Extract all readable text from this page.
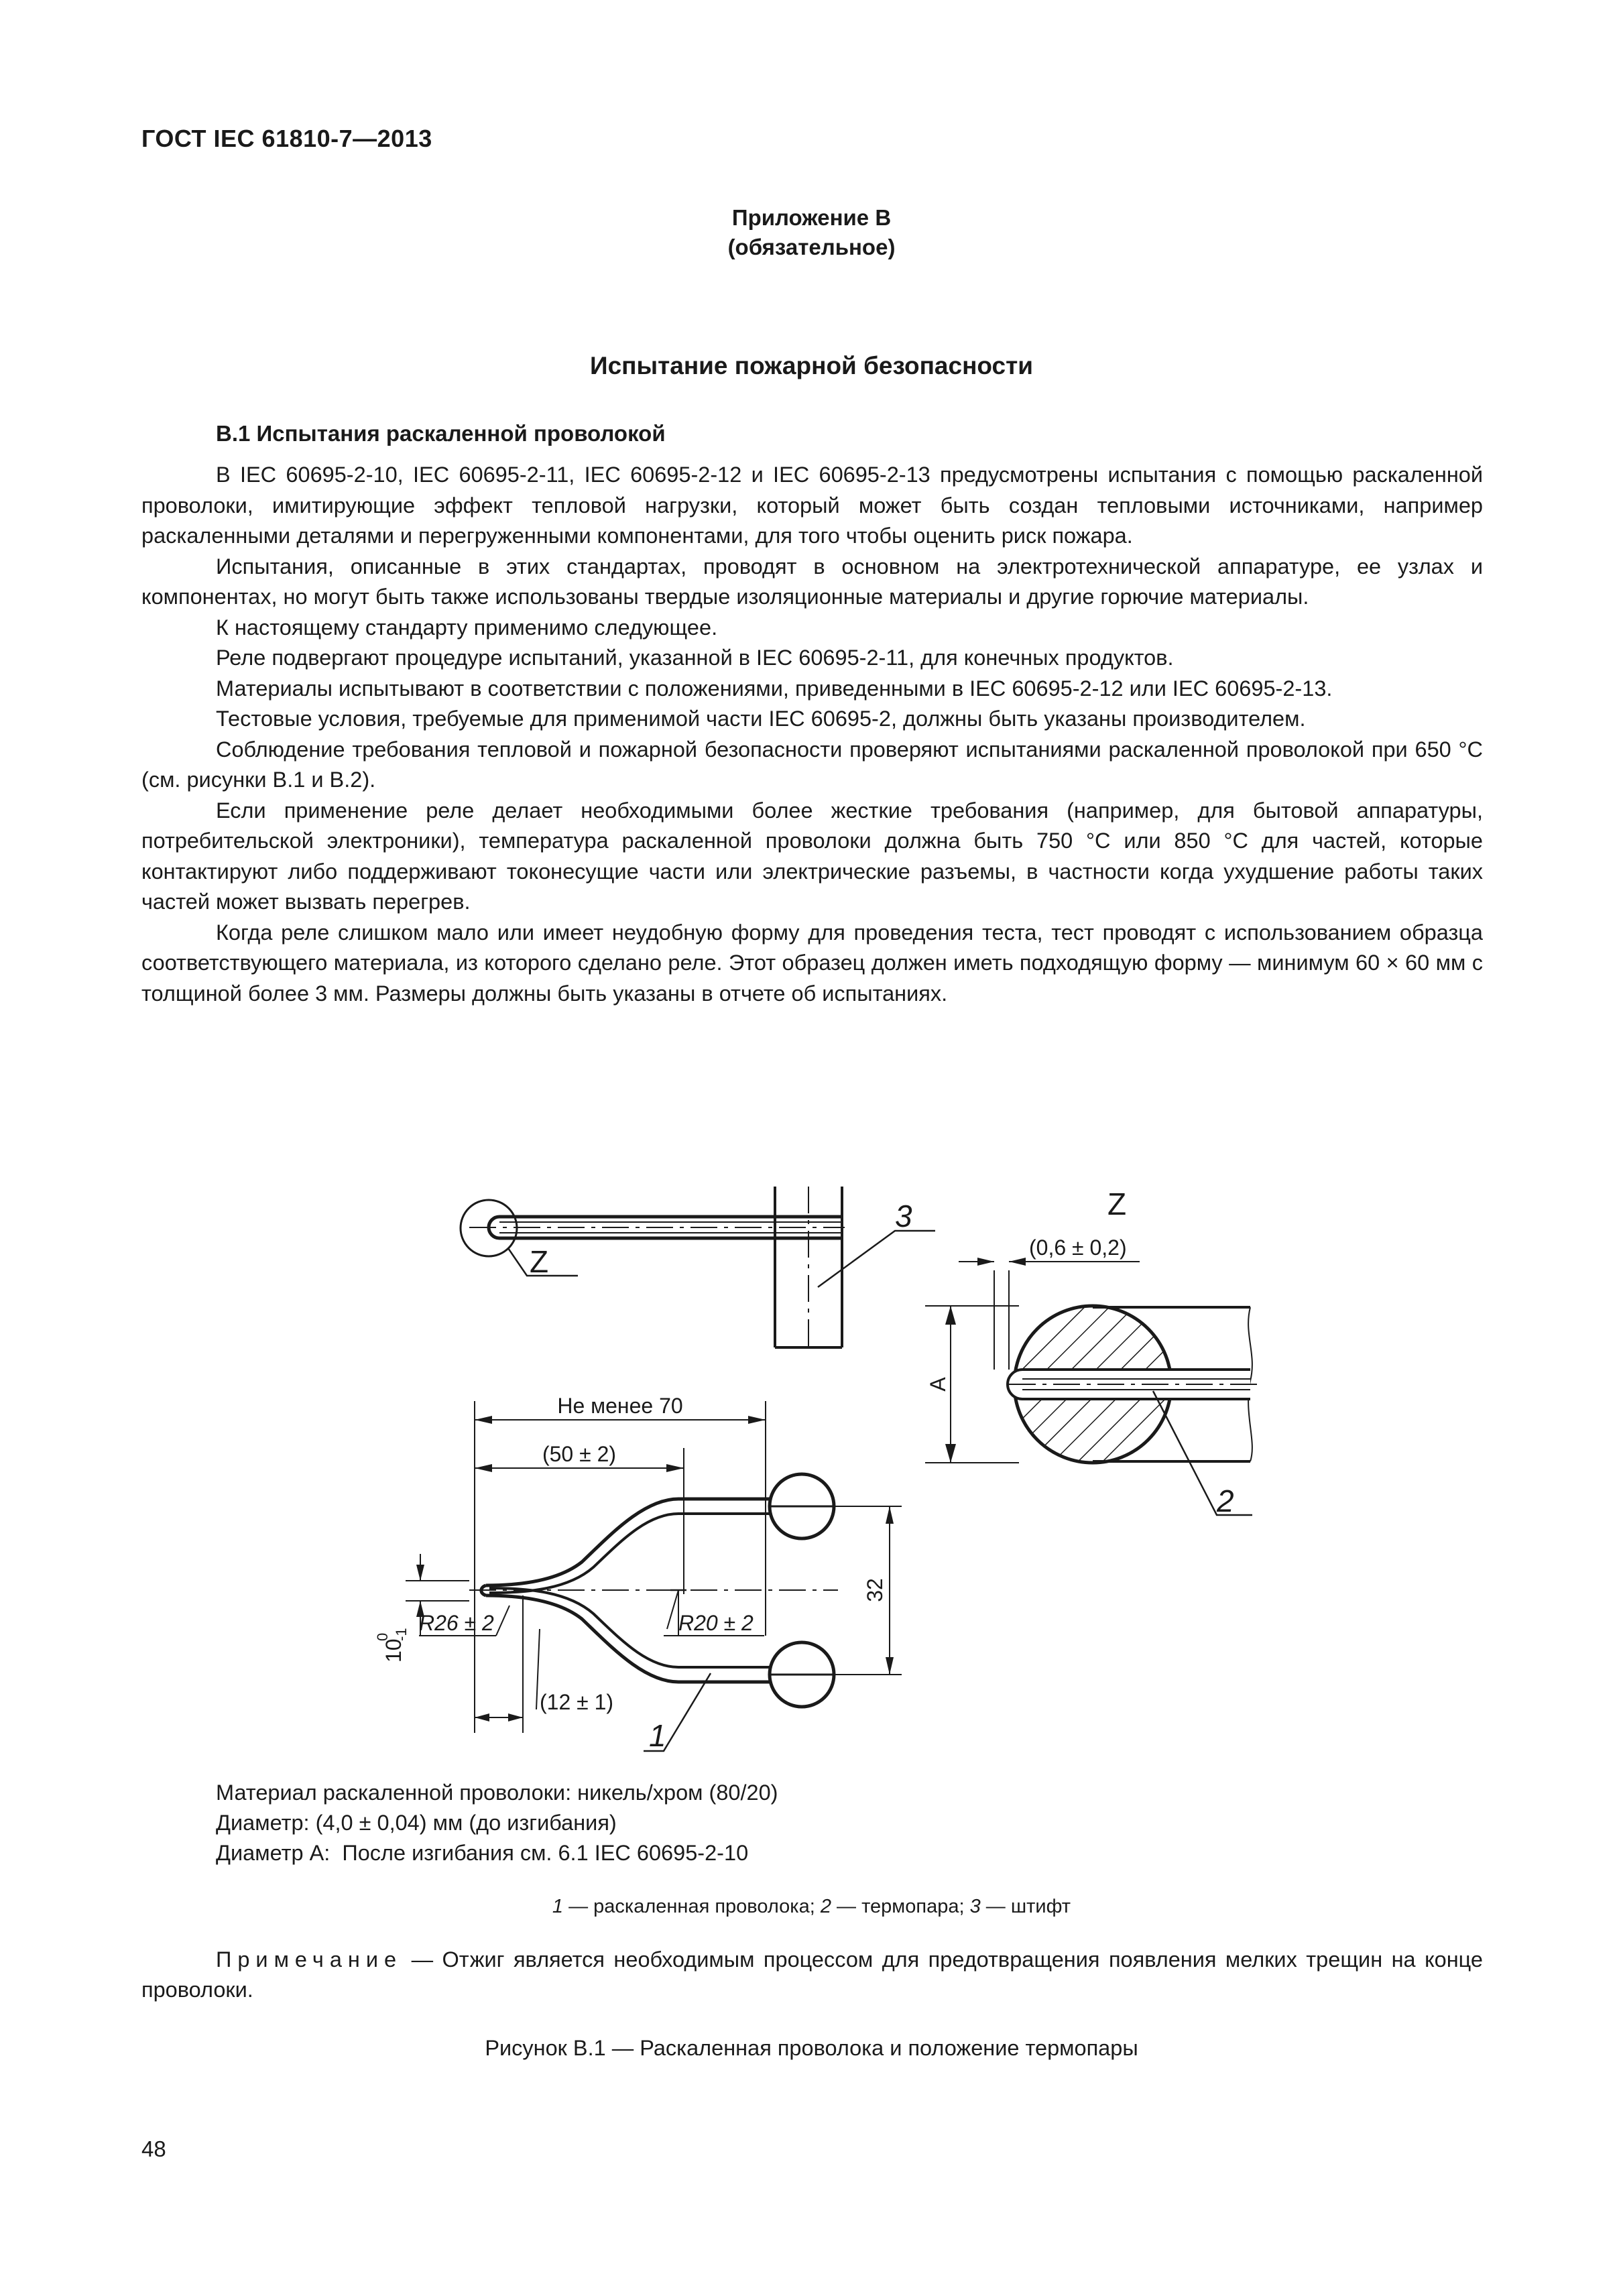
ГОСТ IEC 61810-7—2013
Приложение В
(обязательное)
Испытание пожарной безопасности
В.1 Испытания раскаленной проволокой

В IEC 60695-2-10, IEC 60695-2-11, IEC 60695-2-12 и IEC 60695-2-13 предусмотрены испытания с помощью раскаленной проволоки, имитирующие эффект тепловой нагрузки, который может быть создан тепловыми источниками, например раскаленными деталями и перегруженными компонентами, для того чтобы оценить риск пожара.

Испытания, описанные в этих стандартах, проводят в основном на электротехнической аппаратуре, ее узлах и компонентах, но могут быть также использованы твердые изоляционные материалы и другие горючие материалы.

К настоящему стандарту применимо следующее.

Реле подвергают процедуре испытаний, указанной в IEC 60695-2-11, для конечных продуктов.

Материалы испытывают в соответствии с положениями, приведенными в IEC 60695-2-12 или IEC 60695-2-13.

Тестовые условия, требуемые для применимой части IEC 60695-2, должны быть указаны производителем.

Соблюдение требования тепловой и пожарной безопасности проверяют испытаниями раскаленной проволокой при 650 °С (см. рисунки В.1 и В.2).

Если применение реле делает необходимыми более жесткие требования (например, для бытовой аппаратуры, потребительской электроники), температура раскаленной проволоки должна быть 750 °С или 850 °С для частей, которые контактируют либо поддерживают токонесущие части или электрические разъемы, в частности когда ухудшение работы таких частей может вызвать перегрев.

Когда реле слишком мало или имеет неудобную форму для проведения теста, тест проводят с использованием образца соответствующего материала, из которого сделано реле. Этот образец должен иметь подходящую форму — минимум 60 × 60 мм с толщиной более 3 мм. Размеры должны быть указаны в отчете об испытаниях.

Z
3	Z
(0,6 ± 0,2)
A
2
Не менее 70
(50 ± 2)
32
R20 ± 2
R26 ± 2
(12 ± 1)
10
0 -1
1
Материал раскаленной проволоки: никель/хром (80/20)
Диаметр: (4,0 ± 0,04) мм (до изгибания)
Диаметр А:  После изгибания см. 6.1 IEC 60695-2-10
1 — раскаленная проволока; 2 — термопара; 3 — штифт

Примечание — Отжиг является необходимым процессом для предотвращения появления мелких трещин на конце проволоки.

Рисунок В.1 — Раскаленная проволока и положение термопары
48
